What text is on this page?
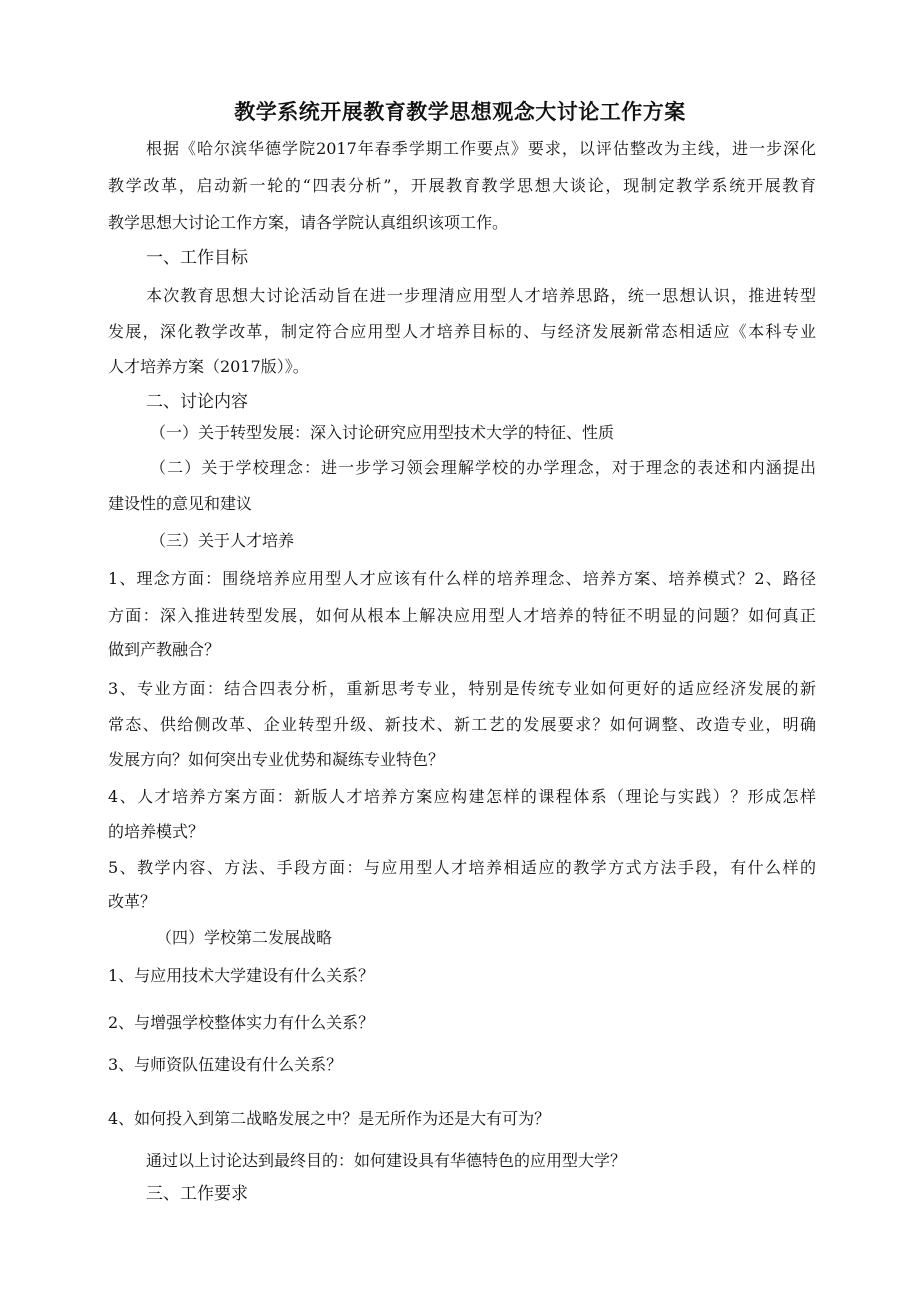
教学系统开展教育教学思想观念大讨论工作方案
根据《哈尔滨华德学院2017年春季学期工作要点》要求，以评估整改为主线，进一步深化
教学改革，启动新一轮的“四表分析”，开展教育教学思想大谈论，现制定教学系统开展教育
教学思想大讨论工作方案，请各学院认真组织该项工作。
一、工作目标
本次教育思想大讨论活动旨在进一步理清应用型人才培养思路，统一思想认识，推进转型
发展，深化教学改革，制定符合应用型人才培养目标的、与经济发展新常态相适应《本科专业
人才培养方案（2017版）》。
二、讨论内容
（一）关于转型发展：深入讨论研究应用型技术大学的特征、性质
（二）关于学校理念：进一步学习领会理解学校的办学理念，对于理念的表述和内涵提出
建设性的意见和建议
（三）关于人才培养
1、理念方面：围绕培养应用型人才应该有什么样的培养理念、培养方案、培养模式？2、路径
方面：深入推进转型发展，如何从根本上解决应用型人才培养的特征不明显的问题？如何真正
做到产教融合？
3、专业方面：结合四表分析，重新思考专业，特别是传统专业如何更好的适应经济发展的新
常态、供给侧改革、企业转型升级、新技术、新工艺的发展要求？如何调整、改造专业，明确
发展方向？如何突出专业优势和凝练专业特色？
4、人才培养方案方面：新版人才培养方案应构建怎样的课程体系（理论与实践）？形成怎样
的培养模式？
5、教学内容、方法、手段方面：与应用型人才培养相适应的教学方式方法手段，有什么样的
改革？
（四）学校第二发展战略
1、与应用技术大学建设有什么关系？
2、与增强学校整体实力有什么关系？
3、与师资队伍建设有什么关系？
4、如何投入到第二战略发展之中？是无所作为还是大有可为？
通过以上讨论达到最终目的：如何建设具有华德特色的应用型大学？
三、工作要求
